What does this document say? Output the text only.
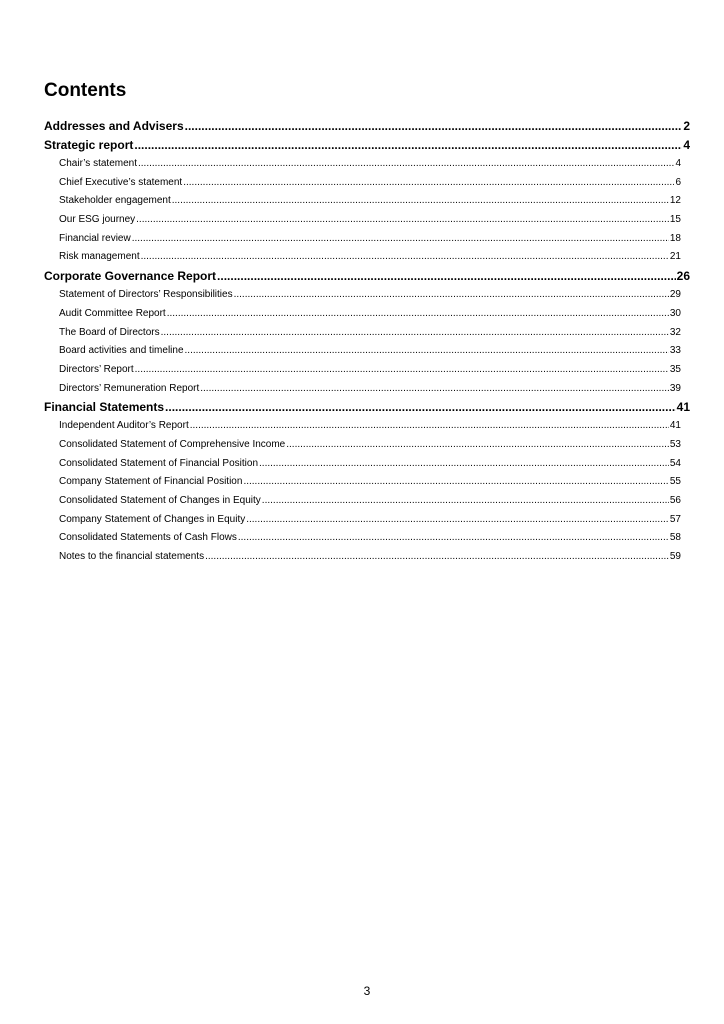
Contents
Addresses and Advisers .....	2
Strategic report .....	4
Chair’s statement .....	4
Chief Executive’s statement .....	6
Stakeholder engagement .....	12
Our ESG journey .....	15
Financial review .....	18
Risk management .....	21
Corporate Governance Report .....	26
Statement of Directors’ Responsibilities .....	29
Audit Committee Report .....	30
The Board of Directors .....	32
Board activities and timeline .....	33
Directors’ Report .....	35
Directors’ Remuneration Report .....	39
Financial Statements .....	41
Independent Auditor’s Report .....	41
Consolidated Statement of Comprehensive Income .....	53
Consolidated Statement of Financial Position .....	54
Company Statement of Financial Position .....	55
Consolidated Statement of Changes in Equity .....	56
Company Statement of Changes in Equity .....	57
Consolidated Statements of Cash Flows .....	58
Notes to the financial statements .....	59
3
